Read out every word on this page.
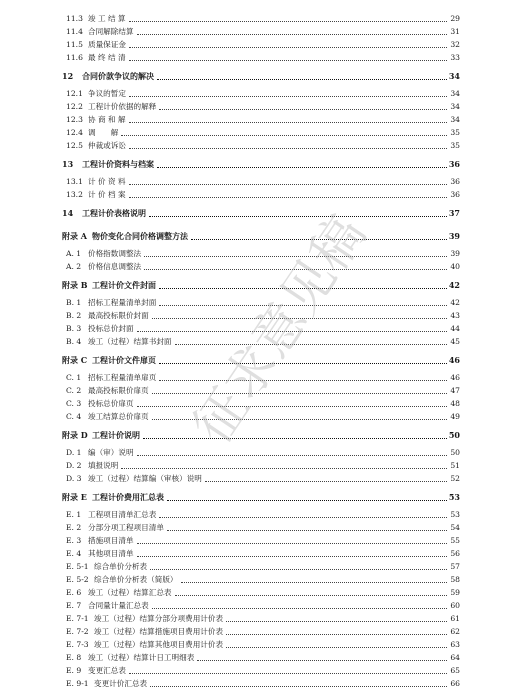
11.3 竣 工 结 算	29
11.4 合同解除结算	31
11.5 质量保证金	32
11.6 最 终 结 清	33
12	合同价款争议的解决	34
12.1 争议的暂定	34
12.2 工程计价依据的解释	34
12.3 协 商 和 解	34
12.4 调　　解	35
12.5 仲裁或诉讼	35
13	工程计价资料与档案	36
13.1 计 价 资 料	36
13.2 计 价 档 案	36
14	工程计价表格说明	37
附录 A 物价变化合同价格调整方法	39
A. 1 价格指数调整法	39
A. 2 价格信息调整法	40
附录 B 工程计价文件封面	42
B. 1 招标工程量清单封面	42
B. 2 最高投标限价封面	43
B. 3 投标总价封面	44
B. 4 竣工（过程）结算书封面	45
附录 C 工程计价文件扉页	46
C. 1 招标工程量清单扉页	46
C. 2 最高投标限价扉页	47
C. 3 投标总价扉页	48
C. 4 竣工结算总价扉页	49
附录 D 工程计价说明	50
D. 1 编（审）说明	50
D. 2 填报说明	51
D. 3 竣工（过程）结算编（审核）说明	52
附录 E 工程计价费用汇总表	53
E. 1 工程项目清单汇总表	53
E. 2 分部分项工程项目清单	54
E. 3 措施项目清单	55
E. 4 其他项目清单	56
E. 5-1 综合单价分析表	57
E. 5-2 综合单价分析表（简版）	58
E. 6 竣工（过程）结算汇总表	59
E. 7 合同量计量汇总表	60
E. 7-1 竣工（过程）结算分部分项费用计价表	61
E. 7-2 竣工（过程）结算措施项目费用计价表	62
E. 7-3 竣工（过程）结算其他项目费用计价表	63
E. 8 竣工（过程）结算计日工明细表	64
E. 9 变更汇总表	65
E. 9-1 变更计价汇总表	66
征求意见稿
